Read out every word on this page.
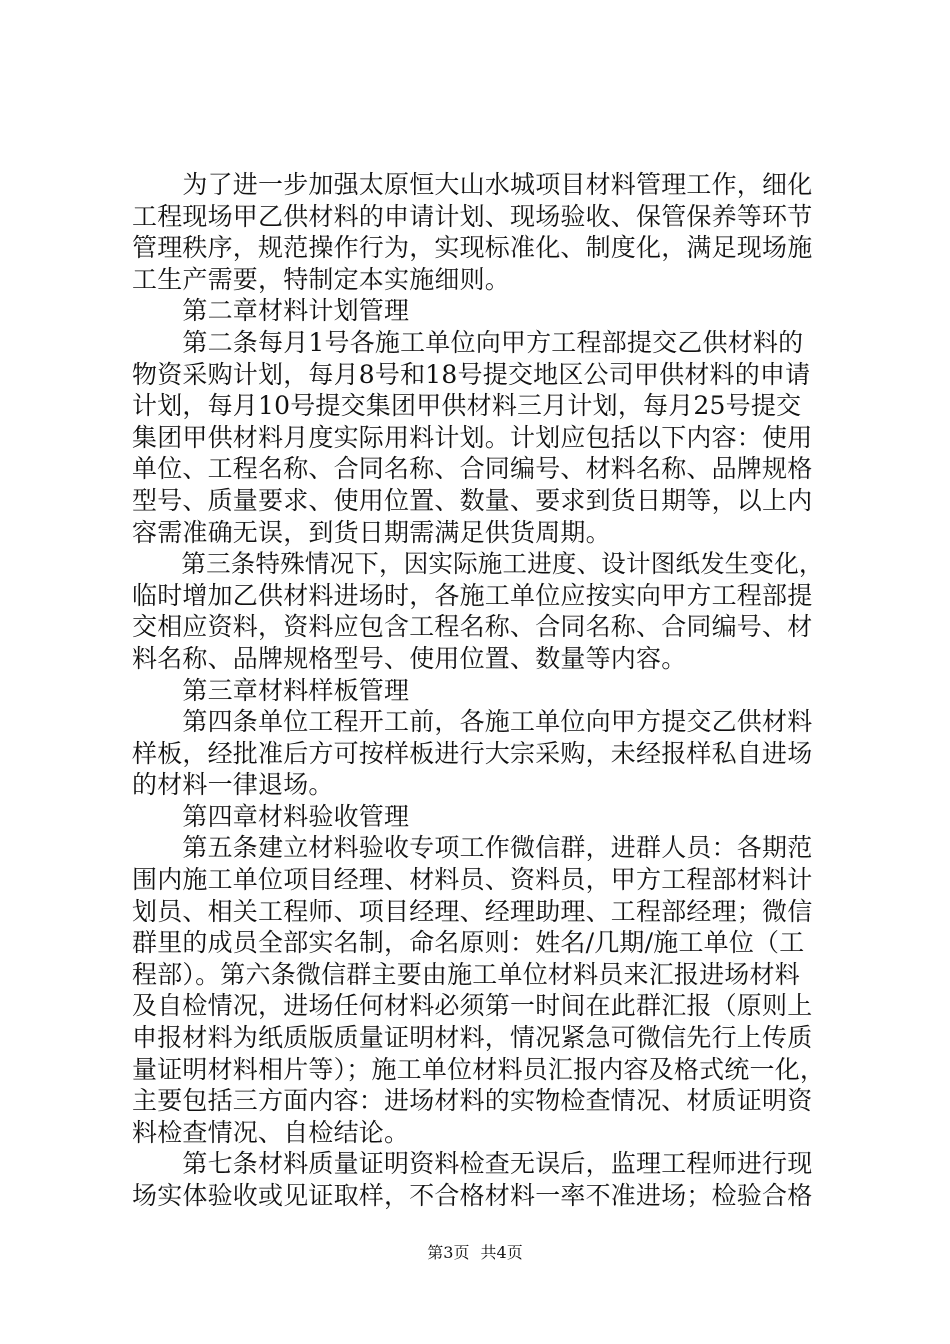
　　为了进一步加强太原恒大山水城项目材料管理工作，细化
工程现场甲乙供材料的申请计划、现场验收、保管保养等环节
管理秩序，规范操作行为，实现标准化、制度化，满足现场施
工生产需要，特制定本实施细则。
　　第二章材料计划管理
　　第二条每月1号各施工单位向甲方工程部提交乙供材料的
物资采购计划，每月8号和18号提交地区公司甲供材料的申请
计划，每月10号提交集团甲供材料三月计划，每月25号提交
集团甲供材料月度实际用料计划。计划应包括以下内容：使用
单位、工程名称、合同名称、合同编号、材料名称、品牌规格
型号、质量要求、使用位置、数量、要求到货日期等，以上内
容需准确无误，到货日期需满足供货周期。
　　第三条特殊情况下，因实际施工进度、设计图纸发生变化，
临时增加乙供材料进场时，各施工单位应按实向甲方工程部提
交相应资料，资料应包含工程名称、合同名称、合同编号、材
料名称、品牌规格型号、使用位置、数量等内容。
　　第三章材料样板管理
　　第四条单位工程开工前，各施工单位向甲方提交乙供材料
样板，经批准后方可按样板进行大宗采购，未经报样私自进场
的材料一律退场。
　　第四章材料验收管理
　　第五条建立材料验收专项工作微信群，进群人员：各期范
围内施工单位项目经理、材料员、资料员，甲方工程部材料计
划员、相关工程师、项目经理、经理助理、工程部经理；微信
群里的成员全部实名制，命名原则：姓名/几期/施工单位（工
程部）。第六条微信群主要由施工单位材料员来汇报进场材料
及自检情况，进场任何材料必须第一时间在此群汇报（原则上
申报材料为纸质版质量证明材料，情况紧急可微信先行上传质
量证明材料相片等）；施工单位材料员汇报内容及格式统一化，
主要包括三方面内容：进场材料的实物检查情况、材质证明资
料检查情况、自检结论。
　　第七条材料质量证明资料检查无误后，监理工程师进行现
场实体验收或见证取样，不合格材料一率不准进场；检验合格
第3页 共4页
